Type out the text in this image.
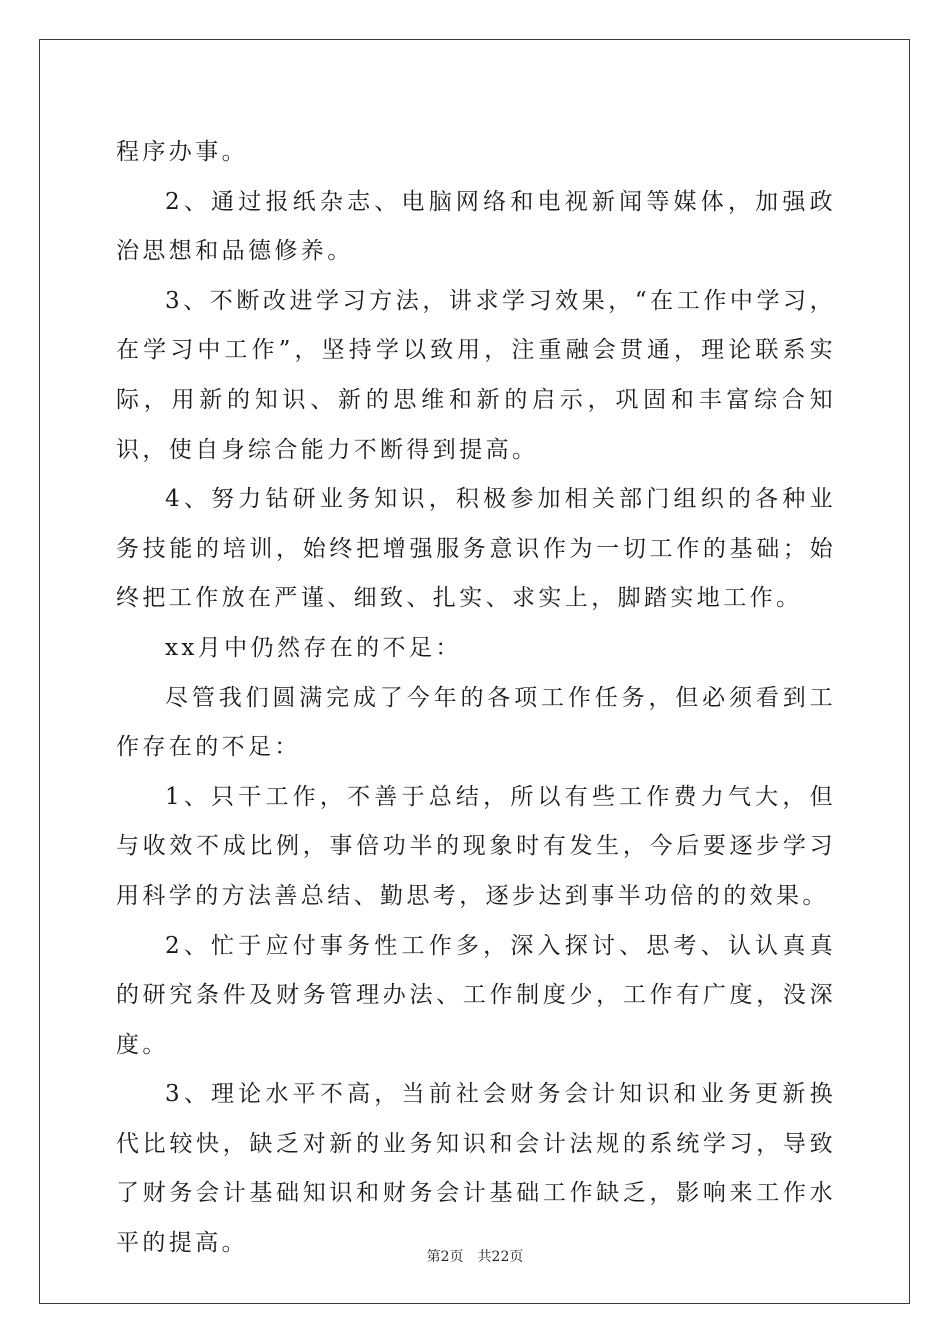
程序办事。

2、通过报纸杂志、电脑网络和电视新闻等媒体，加强政治思想和品德修养。

3、不断改进学习方法，讲求学习效果，“在工作中学习，在学习中工作”，坚持学以致用，注重融会贯通，理论联系实际，用新的知识、新的思维和新的启示，巩固和丰富综合知识，使自身综合能力不断得到提高。

4、努力钻研业务知识，积极参加相关部门组织的各种业务技能的培训，始终把增强服务意识作为一切工作的基础；始终把工作放在严谨、细致、扎实、求实上，脚踏实地工作。

xx月中仍然存在的不足：

尽管我们圆满完成了今年的各项工作任务，但必须看到工作存在的不足：

1、只干工作，不善于总结，所以有些工作费力气大，但与收效不成比例，事倍功半的现象时有发生，今后要逐步学习用科学的方法善总结、勤思考，逐步达到事半功倍的的效果。

2、忙于应付事务性工作多，深入探讨、思考、认认真真的研究条件及财务管理办法、工作制度少，工作有广度，没深度。

3、理论水平不高，当前社会财务会计知识和业务更新换代比较快，缺乏对新的业务知识和会计法规的系统学习，导致了财务会计基础知识和财务会计基础工作缺乏，影响来工作水平的提高。

第2页 共22页
